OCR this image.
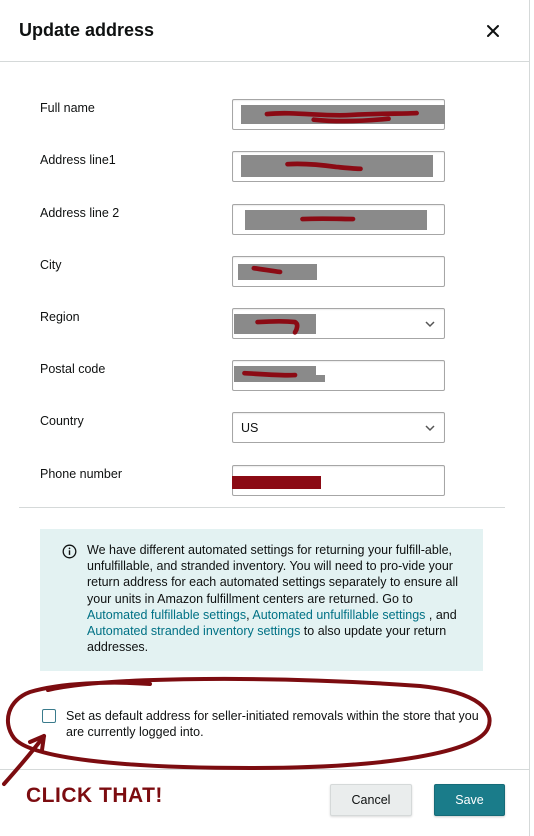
Update address
Full name
Address line1
Address line 2
City
Region
Postal code
Country	US
Phone number
We have different automated settings for returning your fulfill-able, unfulfillable, and stranded inventory. You will need to pro-vide your return address for each automated settings separately to ensure all your units in Amazon fulfillment centers are returned. Go to Automated fulfillable settings, Automated unfulfillable settings , and Automated stranded inventory settings to also update your return addresses.
Set as default address for seller-initiated removals within the store that you are currently logged into.
Cancel	Save
CLICK THAT!
